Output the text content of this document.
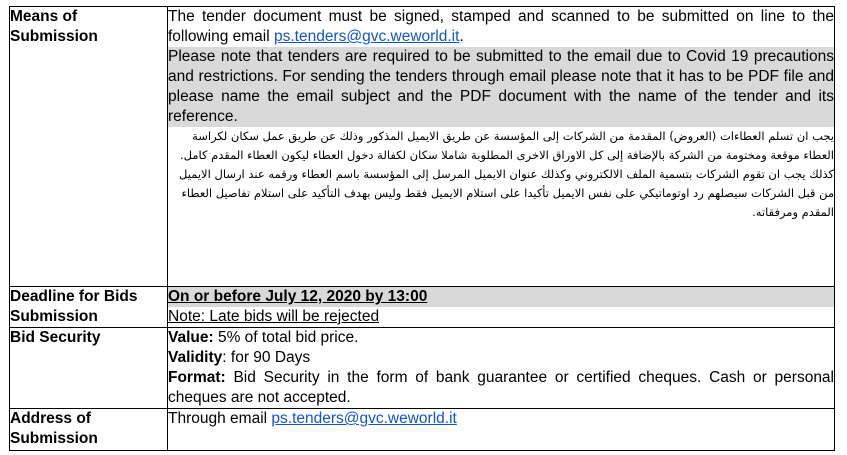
Means of Submission	The tender document must be signed, stamped and scanned to be submitted on line to the following email ps.tenders@gvc.weworld.it.
Please note that tenders are required to be submitted to the email due to Covid 19 precautions and restrictions. For sending the tenders through email please note that it has to be PDF file and please name the email subject and the PDF document with the name of the tender and its reference.
يجب ان تسلم العطاءات (العروض) المقدمة من الشركات إلى المؤسسة عن طريق الايميل المذكور وذلك عن طريق عمل سكان لكراسة العطاء موقعة ومختومة من الشركة بالإضافة إلى كل الاوراق الاخرى المطلوبة شاملا سكان لكفالة دخول العطاء ليكون العطاء المقدم كامل.
كذلك يجب ان تقوم الشركات بتسمية الملف الالكتروني وكذلك عنوان الايميل المرسل إلى المؤسسة باسم العطاء ورقمه عند ارسال الايميل من قبل الشركات سيصلهم رد اوتوماتيكي على نفس الايميل تأكيدا على استلام الايميل فقط وليس بهدف التأكيد على استلام تفاصيل العطاء المقدم ومرفقاته.

Deadline for Bids Submission	On or before July 12, 2020 by 13:00
Note: Late bids will be rejected

Bid Security	Value: 5% of total bid price.
Validity: for 90 Days
Format: Bid Security in the form of bank guarantee or certified cheques. Cash or personal cheques are not accepted.

Address of Submission	Through email ps.tenders@gvc.weworld.it
